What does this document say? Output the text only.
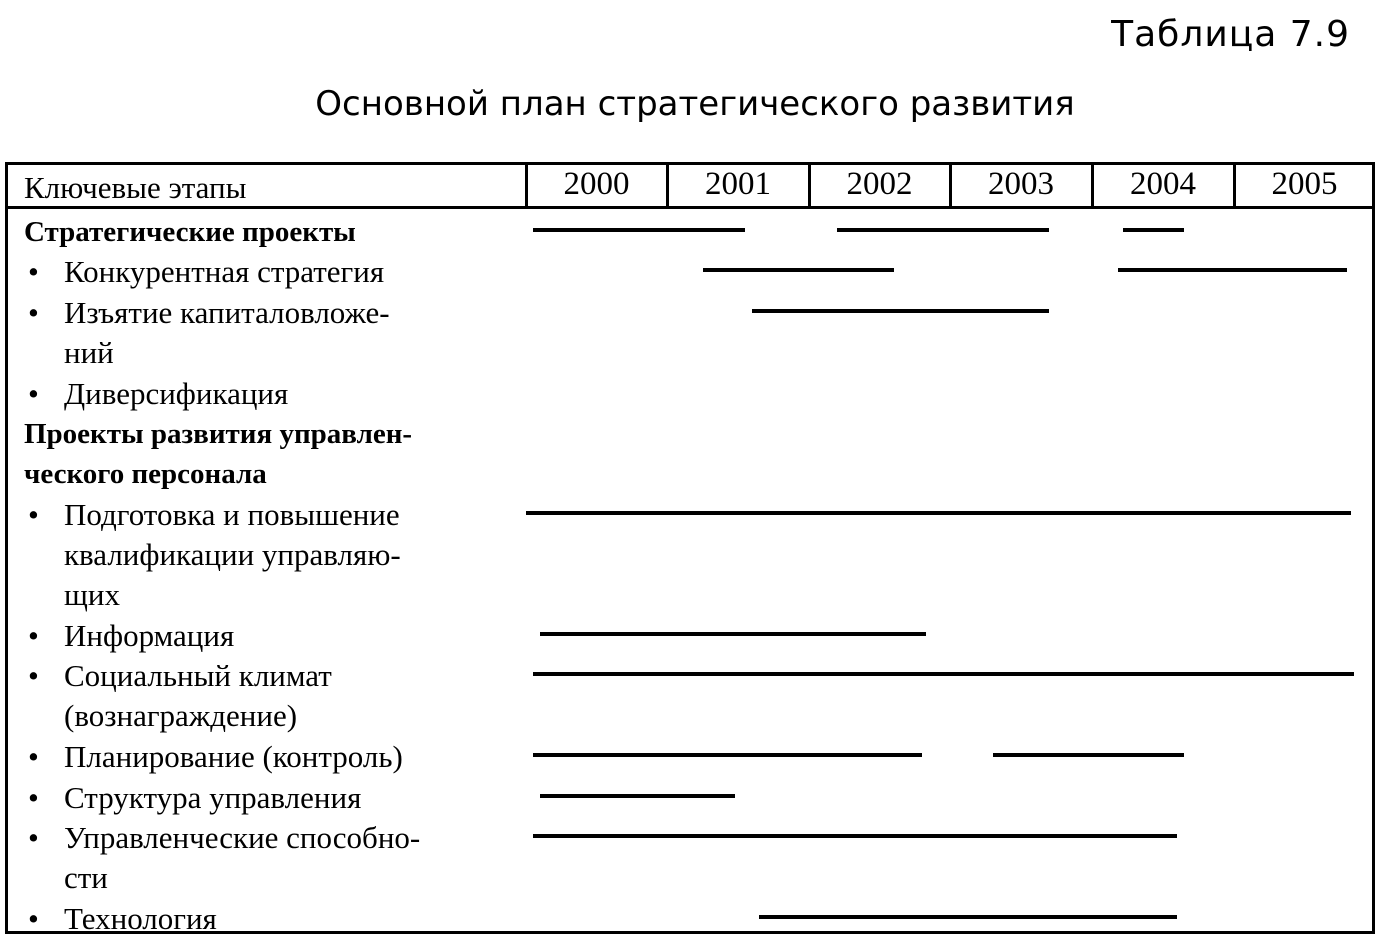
Таблица 7.9
Основной план стратегического развития
Ключевые этапы	2000	2001	2002	2003	2004	2005
Стратегические проекты
• Конкурентная стратегия
• Изъятие капиталовложе-
ний
• Диверсификация
Проекты развития управлен-
ческого персонала
• Подготовка и повышение
квалификации управляю-
щих
• Информация
• Социальный климат
(вознаграждение)
• Планирование (контроль)
• Структура управления
• Управленческие способно-
сти
• Технология
